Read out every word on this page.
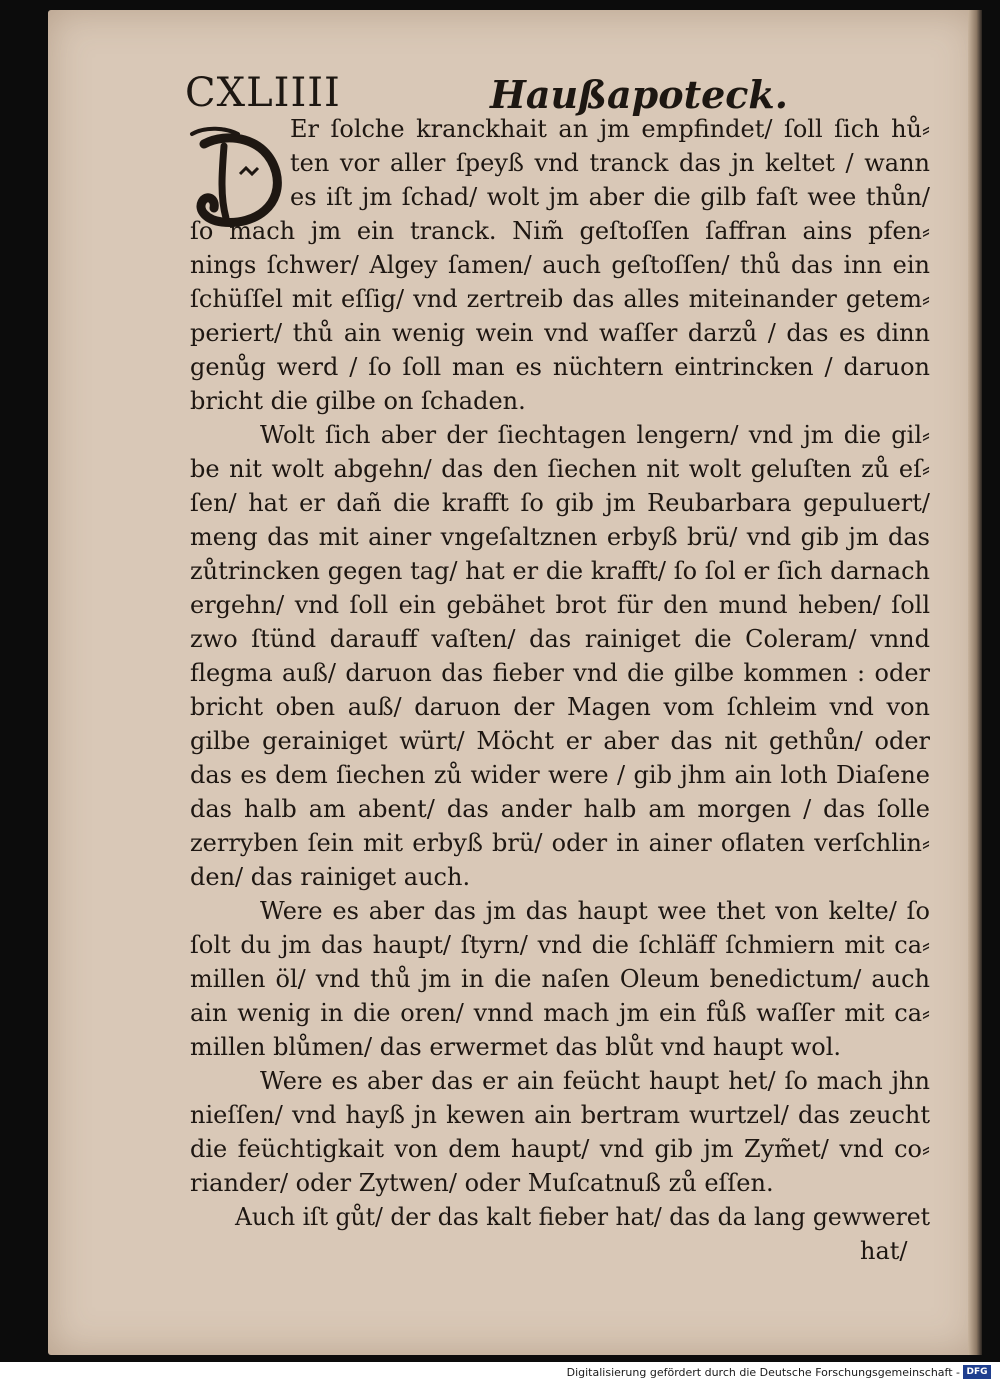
CXLIIII	Haußapoteck.
Er ſolche kranckhait an jm empfindet/ ſoll ſich hů⸗
ten vor aller ſpeyß vnd tranck das jn keltet / wann
es iſt jm ſchad/ wolt jm aber die gilb faſt wee thůn/
ſo mach jm ein tranck. Nim̃ geſtoſſen ſaffran ains pfen⸗
nings ſchwer/ Algey ſamen/ auch geſtoſſen/ thů das inn ein
ſchüſſel mit eſſig/ vnd zertreib das alles miteinander getem⸗
periert/ thů ain wenig wein vnd waſſer darzů / das es dinn
genůg werd / ſo ſoll man es nüchtern eintrincken / daruon
bricht die gilbe on ſchaden.
Wolt ſich aber der ſiechtagen lengern/ vnd jm die gil⸗
be nit wolt abgehn/ das den ſiechen nit wolt geluſten zů eſ⸗
ſen/ hat er dañ die krafft ſo gib jm Reubarbara gepuluert/
meng das mit ainer vngeſaltznen erbyß brü/ vnd gib jm das
zůtrincken gegen tag/ hat er die krafft/ ſo ſol er ſich darnach
ergehn/ vnd ſoll ein gebähet brot für den mund heben/ ſoll
zwo ſtünd darauff vaſten/ das rainiget die Coleram/ vnnd
flegma auß/ daruon das fieber vnd die gilbe kommen : oder
bricht oben auß/ daruon der Magen vom ſchleim vnd von
gilbe gerainiget würt/ Möcht er aber das nit gethůn/ oder
das es dem ſiechen zů wider were / gib jhm ain loth Diaſene
das halb am abent/ das ander halb am morgen / das ſolle
zerryben ſein mit erbyß brü/ oder in ainer oflaten verſchlin⸗
den/ das rainiget auch.
Were es aber das jm das haupt wee thet von kelte/ ſo
ſolt du jm das haupt/ ſtyrn/ vnd die ſchläff ſchmiern mit ca⸗
millen öl/ vnd thů jm in die naſen Oleum benedictum/ auch
ain wenig in die oren/ vnnd mach jm ein fůß waſſer mit ca⸗
millen blůmen/ das erwermet das blůt vnd haupt wol.
Were es aber das er ain feücht haupt het/ ſo mach jhn
nieſſen/ vnd hayß jn kewen ain bertram wurtzel/ das zeucht
die feüchtigkait von dem haupt/ vnd gib jm Zym̃et/ vnd co⸗
riander/ oder Zytwen/ oder Muſcatnuß zů eſſen.
Auch iſt gůt/ der das kalt fieber hat/ das da lang gewweret
hat/
Digitalisierung gefördert durch die Deutsche Forschungsgemeinschaft - DFG
